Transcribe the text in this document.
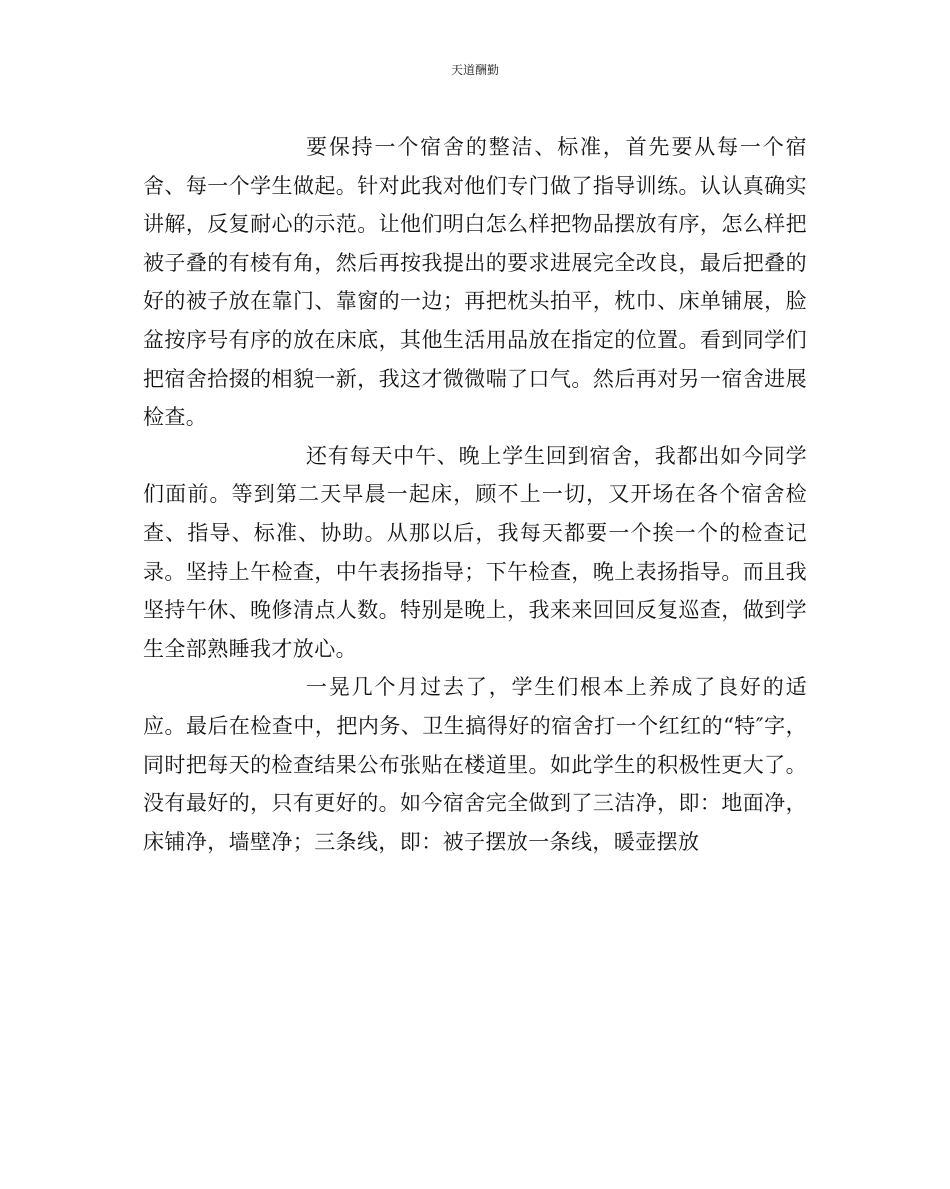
天道酬勤

要保持一个宿舍的整洁、标准，首先要从每一个宿舍、每一个学生做起。针对此我对他们专门做了指导训练。认认真确实讲解，反复耐心的示范。让他们明白怎么样把物品摆放有序，怎么样把被子叠的有棱有角，然后再按我提出的要求进展完全改良，最后把叠的好的被子放在靠门、靠窗的一边；再把枕头拍平，枕巾、床单铺展，脸盆按序号有序的放在床底，其他生活用品放在指定的位置。看到同学们把宿舍拾掇的相貌一新，我这才微微喘了口气。然后再对另一宿舍进展检查。

还有每天中午、晚上学生回到宿舍，我都出如今同学们面前。等到第二天早晨一起床，顾不上一切，又开场在各个宿舍检查、指导、标准、协助。从那以后，我每天都要一个挨一个的检查记录。坚持上午检查，中午表扬指导；下午检查，晚上表扬指导。而且我坚持午休、晚修清点人数。特别是晚上，我来来回回反复巡查，做到学生全部熟睡我才放心。

一晃几个月过去了，学生们根本上养成了良好的适应。最后在检查中，把内务、卫生搞得好的宿舍打一个红红的“特″字，同时把每天的检查结果公布张贴在楼道里。如此学生的积极性更大了。没有最好的，只有更好的。如今宿舍完全做到了三洁净，即：地面净，床铺净，墙壁净；三条线，即：被子摆放一条线，暖壶摆放
